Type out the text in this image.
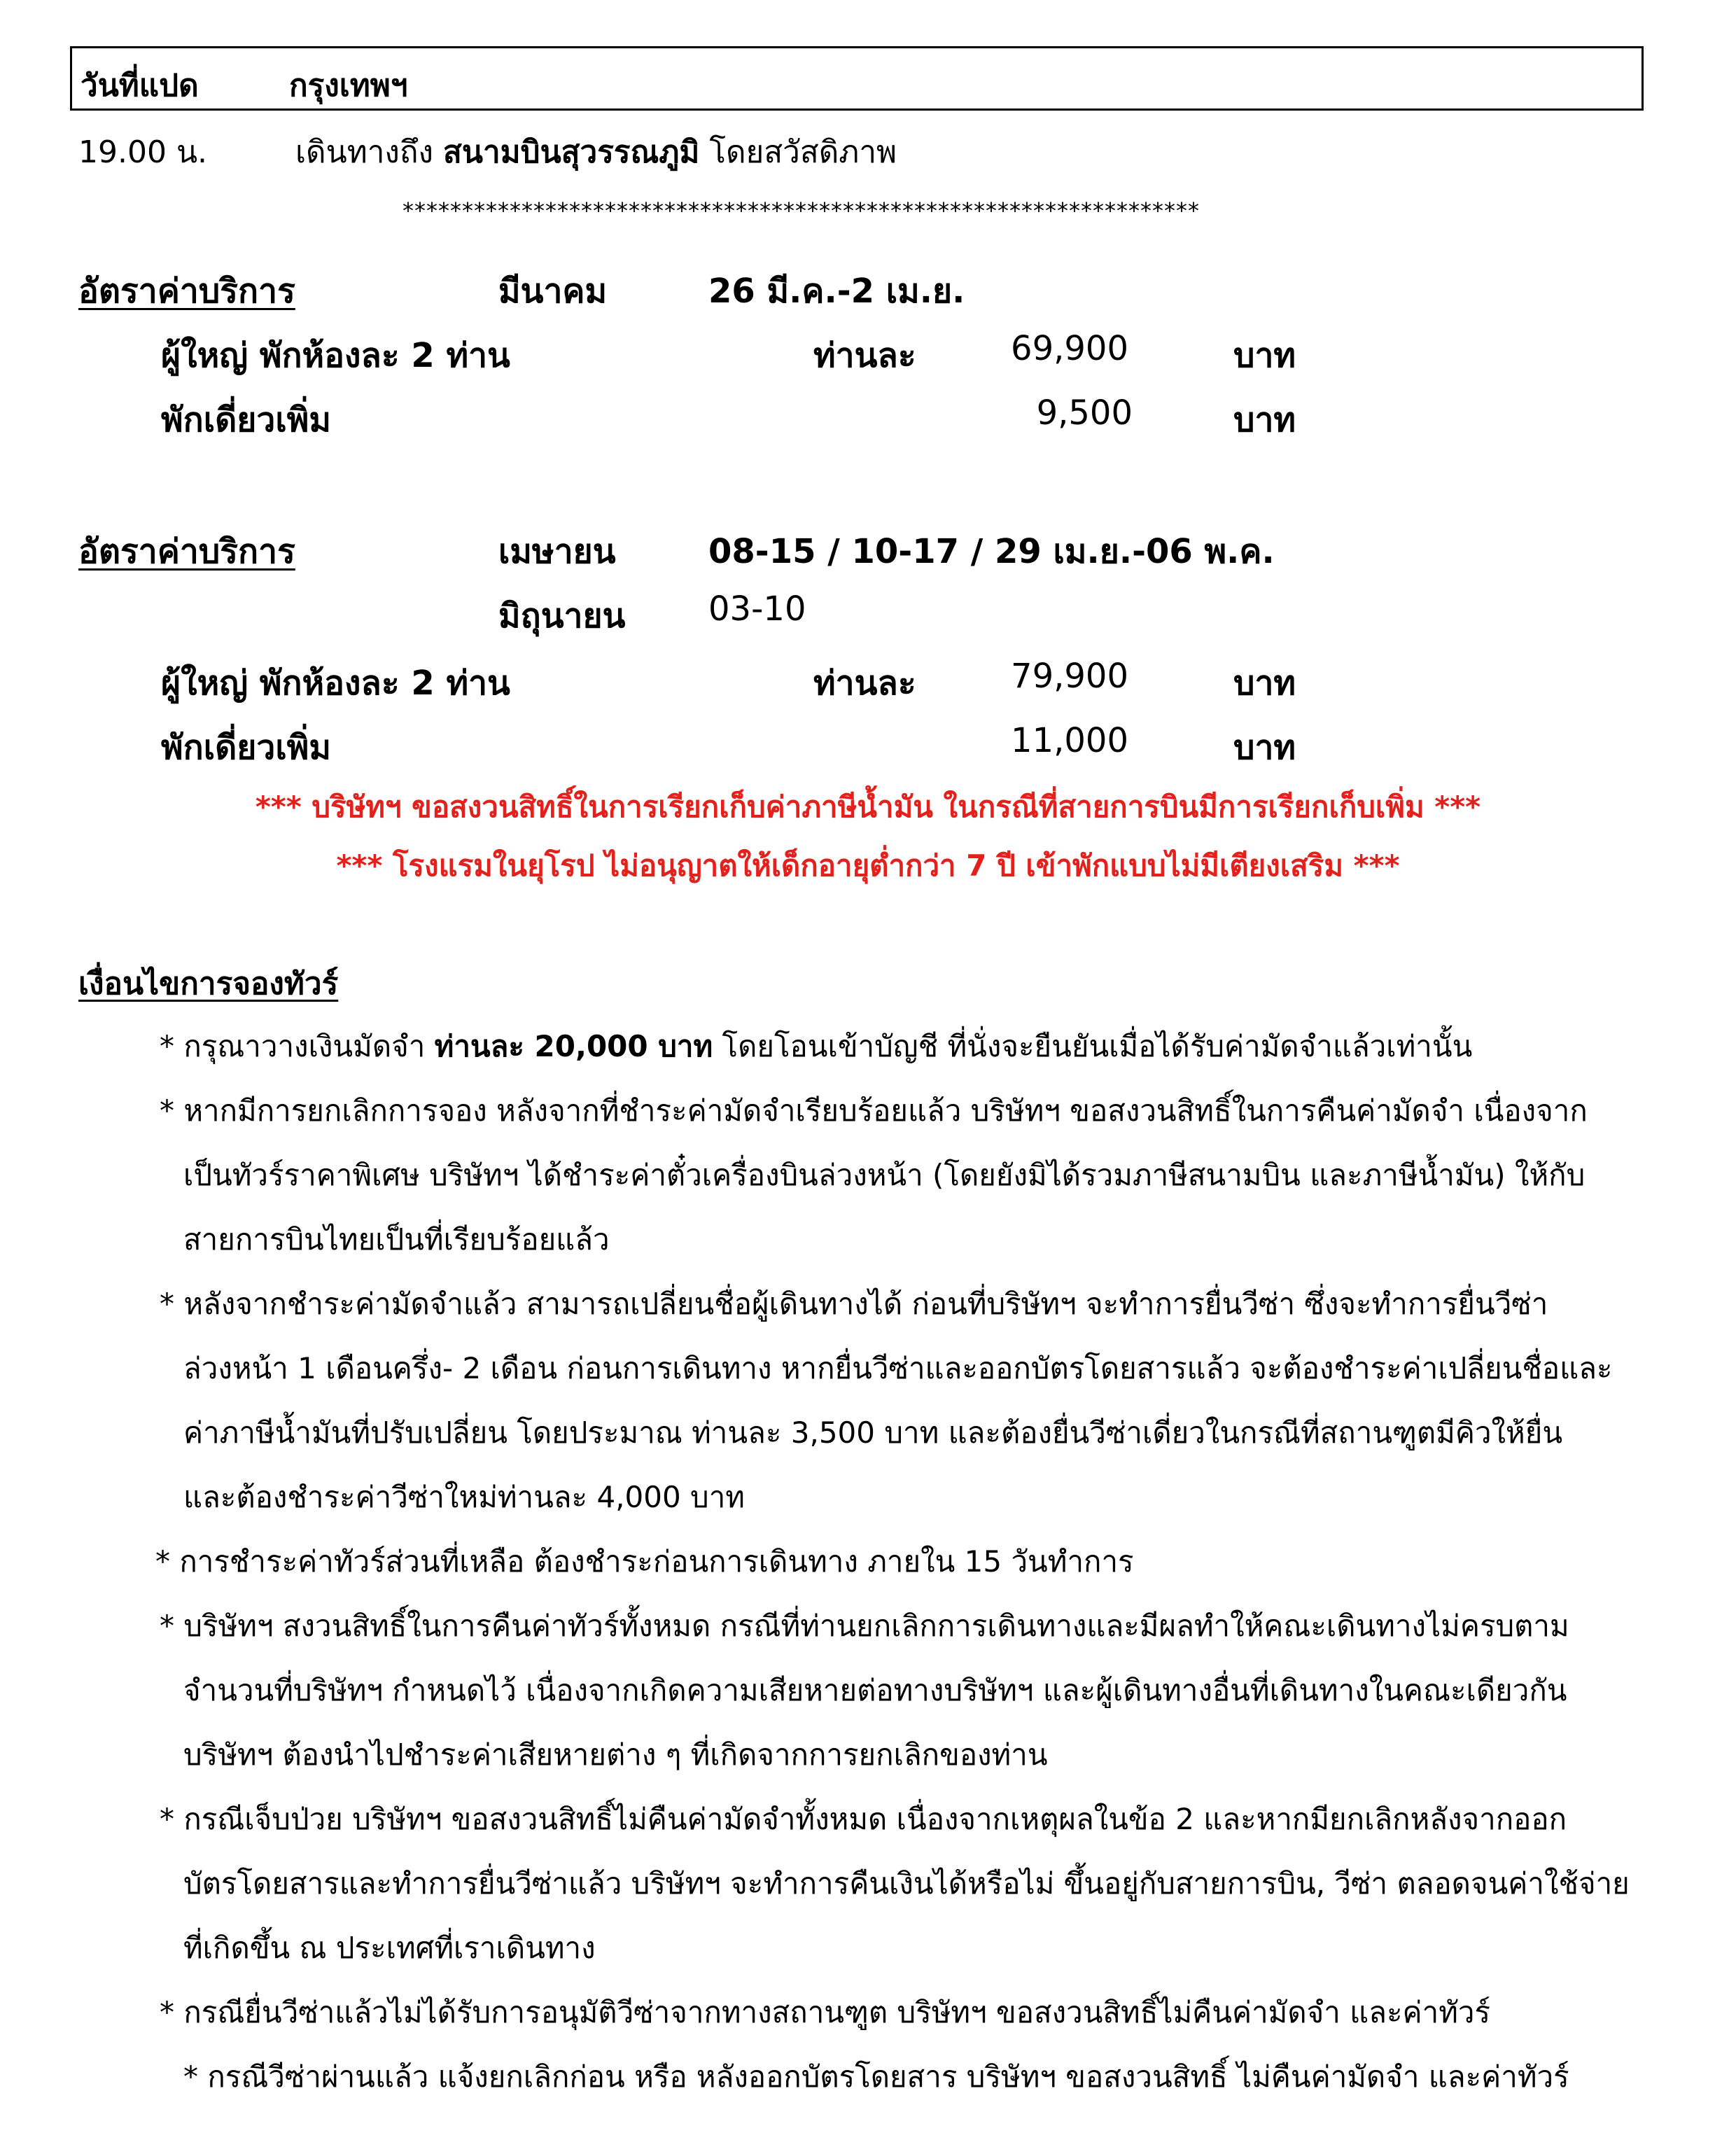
วันที่แปด	กรุงเทพฯ
19.00 น.	เดินทางถึง สนามบินสุวรรณภูมิ โดยสวัสดิภาพ
*******************************************************************
อัตราค่าบริการ	มีนาคม	26 มี.ค.-2 เม.ย.
ผู้ใหญ่ พักห้องละ 2 ท่าน	ท่านละ	69,900	บาท
พักเดี่ยวเพิ่ม	9,500	บาท
อัตราค่าบริการ	เมษายน	08-15 / 10-17 / 29 เม.ย.-06 พ.ค.
มิถุนายน 03-10
ผู้ใหญ่ พักห้องละ 2 ท่าน	ท่านละ	79,900	บาท
พักเดี่ยวเพิ่ม	11,000	บาท
*** บริษัทฯ ขอสงวนสิทธิ์ในการเรียกเก็บค่าภาษีน้ำมัน ในกรณีที่สายการบินมีการเรียกเก็บเพิ่ม ***
*** โรงแรมในยุโรป ไม่อนุญาตให้เด็กอายุต่ำกว่า 7 ปี เข้าพักแบบไม่มีเตียงเสริม ***
เงื่อนไขการจองทัวร์
* กรุณาวางเงินมัดจำ ท่านละ 20,000 บาท โดยโอนเข้าบัญชี ที่นั่งจะยืนยันเมื่อได้รับค่ามัดจำแล้วเท่านั้น
* หากมีการยกเลิกการจอง หลังจากที่ชำระค่ามัดจำเรียบร้อยแล้ว บริษัทฯ ขอสงวนสิทธิ์ในการคืนค่ามัดจำ เนื่องจาก
เป็นทัวร์ราคาพิเศษ บริษัทฯ ได้ชำระค่าตั๋วเครื่องบินล่วงหน้า (โดยยังมิได้รวมภาษีสนามบิน และภาษีน้ำมัน) ให้กับ
สายการบินไทยเป็นที่เรียบร้อยแล้ว
* หลังจากชำระค่ามัดจำแล้ว สามารถเปลี่ยนชื่อผู้เดินทางได้ ก่อนที่บริษัทฯ จะทำการยื่นวีซ่า ซึ่งจะทำการยื่นวีซ่า
ล่วงหน้า 1 เดือนครึ่ง- 2 เดือน ก่อนการเดินทาง หากยื่นวีซ่าและออกบัตรโดยสารแล้ว จะต้องชำระค่าเปลี่ยนชื่อและ
ค่าภาษีน้ำมันที่ปรับเปลี่ยน โดยประมาณ ท่านละ 3,500 บาท และต้องยื่นวีซ่าเดี่ยวในกรณีที่สถานฑูตมีคิวให้ยื่น
และต้องชำระค่าวีซ่าใหม่ท่านละ 4,000 บาท
* การชำระค่าทัวร์ส่วนที่เหลือ ต้องชำระก่อนการเดินทาง ภายใน 15 วันทำการ
* บริษัทฯ สงวนสิทธิ์ในการคืนค่าทัวร์ทั้งหมด กรณีที่ท่านยกเลิกการเดินทางและมีผลทำให้คณะเดินทางไม่ครบตาม
จำนวนที่บริษัทฯ กำหนดไว้ เนื่องจากเกิดความเสียหายต่อทางบริษัทฯ และผู้เดินทางอื่นที่เดินทางในคณะเดียวกัน
บริษัทฯ ต้องนำไปชำระค่าเสียหายต่าง ๆ ที่เกิดจากการยกเลิกของท่าน
* กรณีเจ็บป่วย บริษัทฯ ขอสงวนสิทธิ์ไม่คืนค่ามัดจำทั้งหมด เนื่องจากเหตุผลในข้อ 2 และหากมียกเลิกหลังจากออก
บัตรโดยสารและทำการยื่นวีซ่าแล้ว บริษัทฯ จะทำการคืนเงินได้หรือไม่ ขึ้นอยู่กับสายการบิน, วีซ่า ตลอดจนค่าใช้จ่าย
ที่เกิดขึ้น ณ ประเทศที่เราเดินทาง
* กรณียื่นวีซ่าแล้วไม่ได้รับการอนุมัติวีซ่าจากทางสถานฑูต บริษัทฯ ขอสงวนสิทธิ์ไม่คืนค่ามัดจำ และค่าทัวร์
* กรณีวีซ่าผ่านแล้ว แจ้งยกเลิกก่อน หรือ หลังออกบัตรโดยสาร บริษัทฯ ขอสงวนสิทธิ์ ไม่คืนค่ามัดจำ และค่าทัวร์
